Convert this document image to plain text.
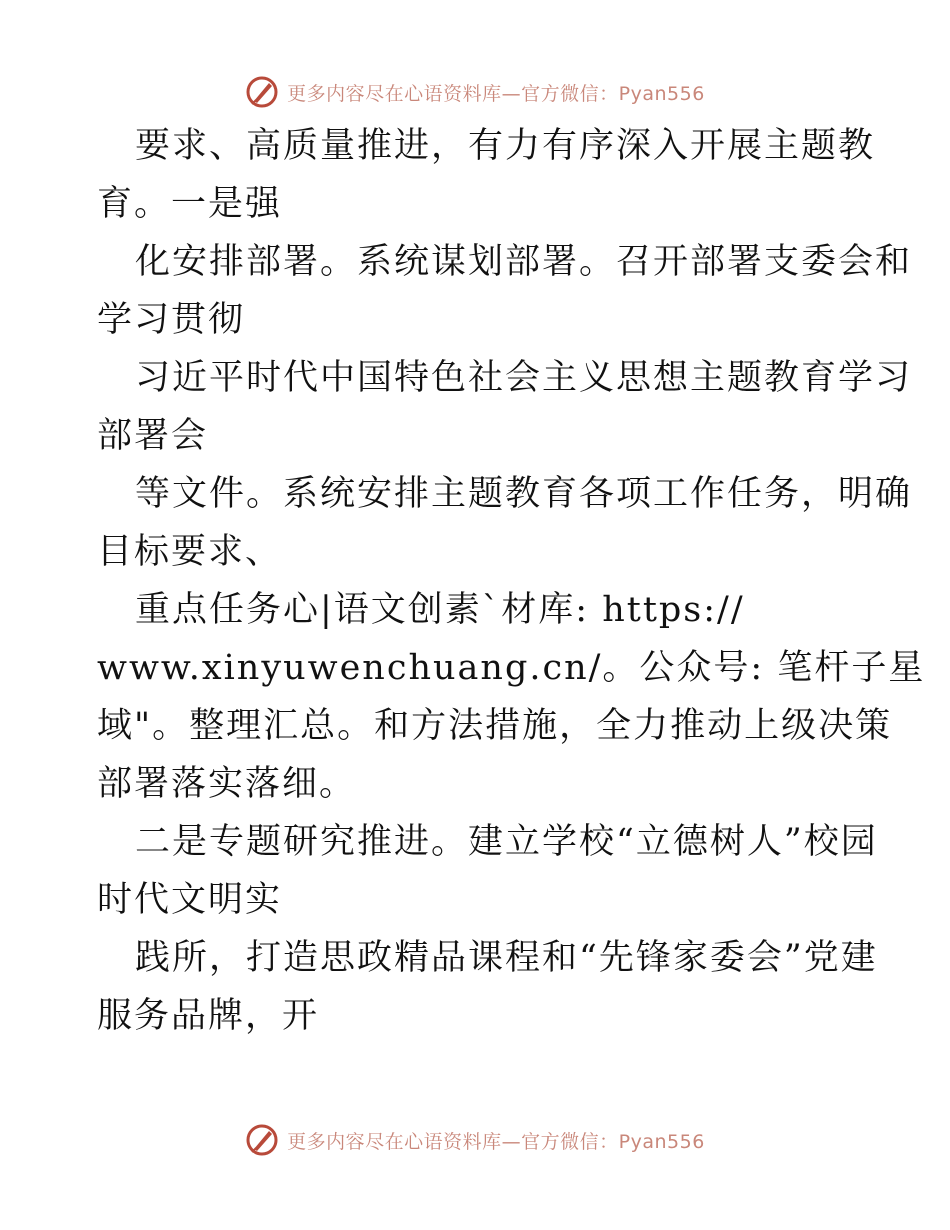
更多内容尽在心语资料库—官方微信：Pyan556
要求、高质量推进，有力有序深入开展主题教
育。一是强
化安排部署。系统谋划部署。召开部署支委会和
学习贯彻
习近平时代中国特色社会主义思想主题教育学习
部署会
等文件。系统安排主题教育各项工作任务，明确
目标要求、
重点任务心|语文创素`材库: https://
www.xinyuwenchuang.cn/。公众号: 笔杆子星
域"。整理汇总。和方法措施，全力推动上级决策
部署落实落细。
二是专题研究推进。建立学校“立德树人”校园
时代文明实
践所，打造思政精品课程和“先锋家委会”党建
服务品牌，开
更多内容尽在心语资料库—官方微信：Pyan556
